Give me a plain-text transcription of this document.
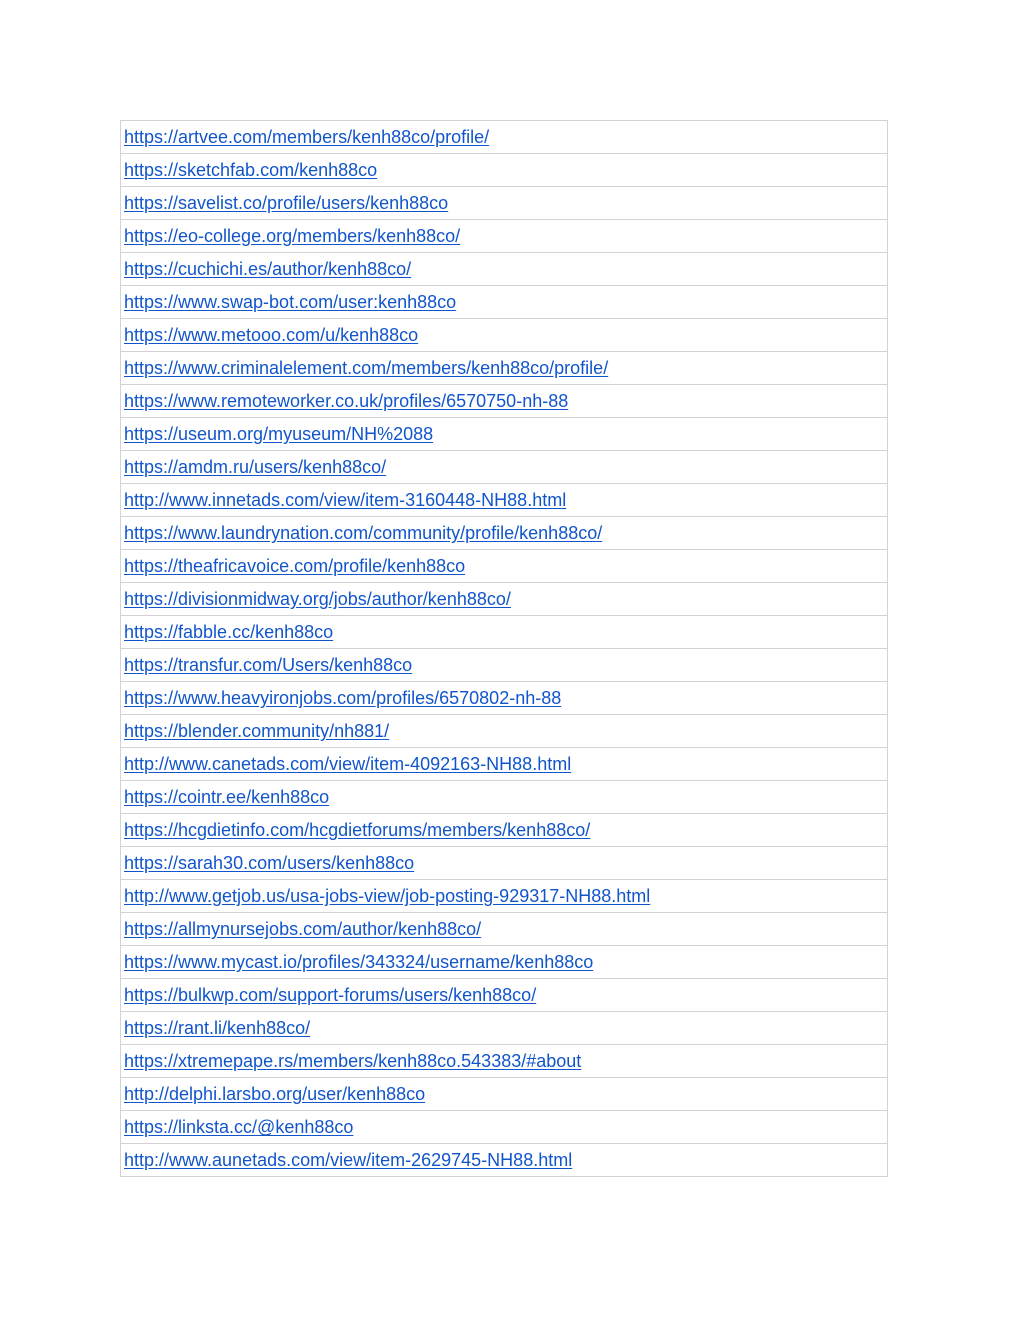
https://artvee.com/members/kenh88co/profile/
https://sketchfab.com/kenh88co
https://savelist.co/profile/users/kenh88co
https://eo-college.org/members/kenh88co/
https://cuchichi.es/author/kenh88co/
https://www.swap-bot.com/user:kenh88co
https://www.metooo.com/u/kenh88co
https://www.criminalelement.com/members/kenh88co/profile/
https://www.remoteworker.co.uk/profiles/6570750-nh-88
https://useum.org/myuseum/NH%2088
https://amdm.ru/users/kenh88co/
http://www.innetads.com/view/item-3160448-NH88.html
https://www.laundrynation.com/community/profile/kenh88co/
https://theafricavoice.com/profile/kenh88co
https://divisionmidway.org/jobs/author/kenh88co/
https://fabble.cc/kenh88co
https://transfur.com/Users/kenh88co
https://www.heavyironjobs.com/profiles/6570802-nh-88
https://blender.community/nh881/
http://www.canetads.com/view/item-4092163-NH88.html
https://cointr.ee/kenh88co
https://hcgdietinfo.com/hcgdietforums/members/kenh88co/
https://sarah30.com/users/kenh88co
http://www.getjob.us/usa-jobs-view/job-posting-929317-NH88.html
https://allmynursejobs.com/author/kenh88co/
https://www.mycast.io/profiles/343324/username/kenh88co
https://bulkwp.com/support-forums/users/kenh88co/
https://rant.li/kenh88co/
https://xtremepape.rs/members/kenh88co.543383/#about
http://delphi.larsbo.org/user/kenh88co
https://linksta.cc/@kenh88co
http://www.aunetads.com/view/item-2629745-NH88.html
